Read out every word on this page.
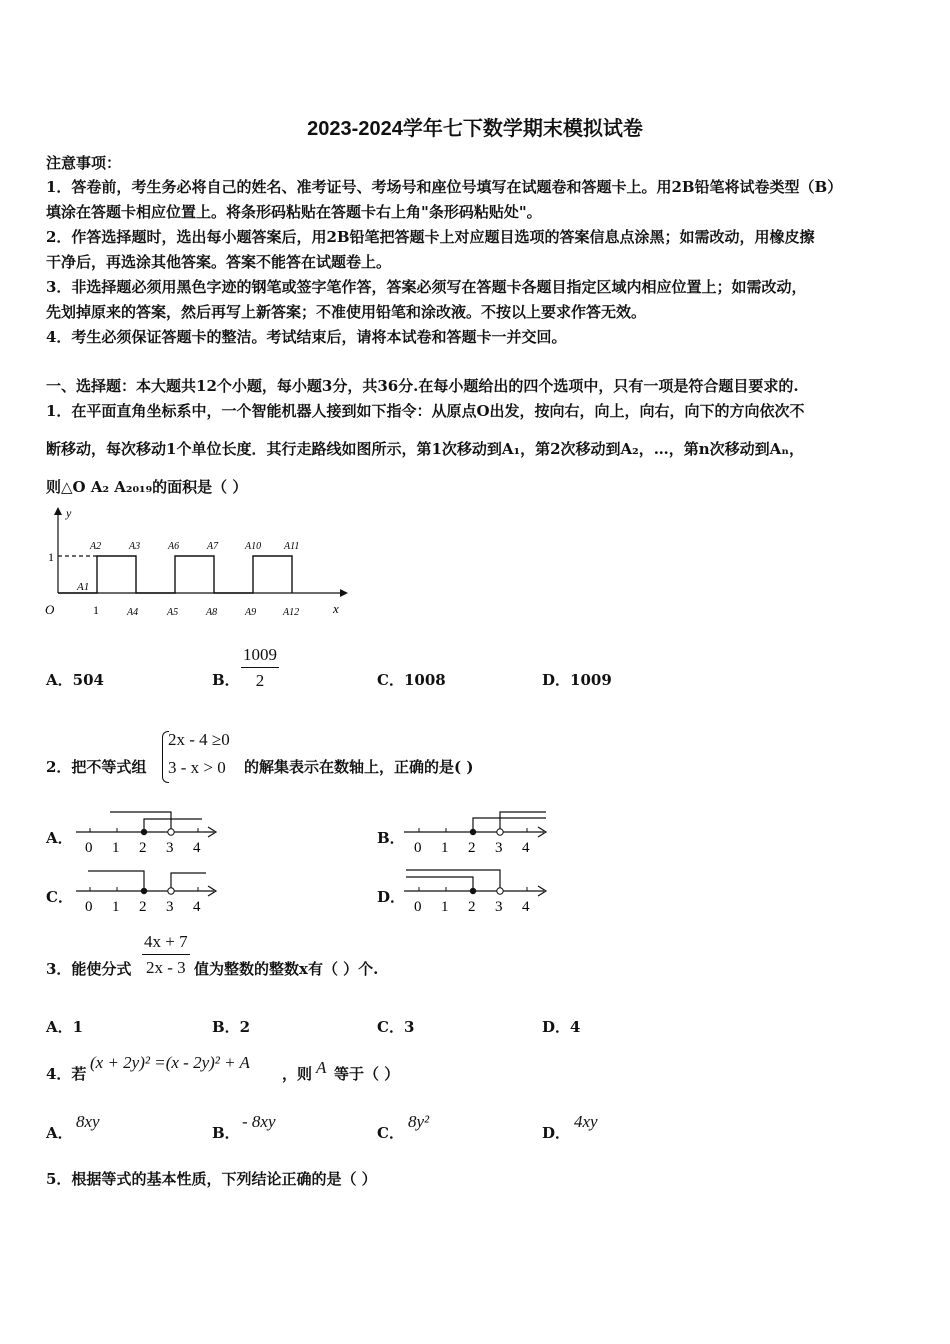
2023-2024学年七下数学期末模拟试卷
注意事项：
1．答卷前，考生务必将自己的姓名、准考证号、考场号和座位号填写在试题卷和答题卡上。用2B铅笔将试卷类型（B）
填涂在答题卡相应位置上。将条形码粘贴在答题卡右上角"条形码粘贴处"。
2．作答选择题时，选出每小题答案后，用2B铅笔把答题卡上对应题目选项的答案信息点涂黑；如需改动，用橡皮擦
干净后，再选涂其他答案。答案不能答在试题卷上。
3．非选择题必须用黑色字迹的钢笔或签字笔作答，答案必须写在答题卡各题目指定区域内相应位置上；如需改动，
先划掉原来的答案，然后再写上新答案；不准使用铅笔和涂改液。不按以上要求作答无效。
4．考生必须保证答题卡的整洁。考试结束后，请将本试卷和答题卡一并交回。
一、选择题：本大题共12个小题，每小题3分，共36分.在每小题给出的四个选项中，只有一项是符合题目要求的.
1．在平面直角坐标系中，一个智能机器人接到如下指令：从原点O出发，按向右，向上，向右，向下的方向依次不
断移动，每次移动1个单位长度．其行走路线如图所示，第1次移动到A₁，第2次移动到A₂，…，第n次移动到Aₙ，
则△O A₂ A₂₀₁₉的面积是（ ）
y
x
O	1
1
A1
A2	A3	A6	A7	A10 A11
A4	A5	A8	A9	A12
A．504	B． $\frac{1009}{2}$	C．1008	D．1009
2．把不等式组
2x - 4 ≥0
3 - x > 0 的解集表示在数轴上，正确的是( )
A．
0 1 2 3 4
B．
0 1 2 3 4
C．
0 1 2 3 4
D．
0 1 2 3 4
3．能使分式 $\frac{4x + 7}{2x - 3}$ 值为整数的整数x有（ ）个.
A．1	B．2	C．3	D．4
4．若
(x + 2y)² =(x - 2y)² + A
，则 A 等于（ ）
A．
8xy
B．
- 8xy
C．
8y²
D．
4xy
5．根据等式的基本性质，下列结论正确的是（ ）
